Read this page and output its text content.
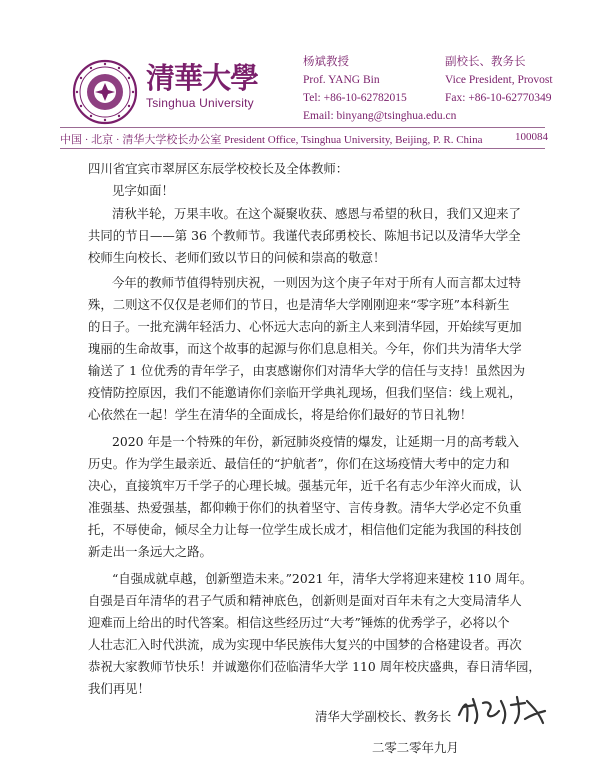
清華大學
Tsinghua University
杨斌教授
Prof. YANG Bin
Tel: +86-10-62782015
副校长、教务长
Vice President, Provost
Fax: +86-10-62770349
Email: binyang@tsinghua.edu.cn
中国 · 北京 · 清华大学校长办公室 President Office, Tsinghua University, Beijing, P. R. China	100084
四川省宜宾市翠屏区东辰学校校长及全体教师：
见字如面！
清秋半轮，万果丰收。在这个凝聚收获、感恩与希望的秋日，我们又迎来了
共同的节日——第 36 个教师节。我谨代表邱勇校长、陈旭书记以及清华大学全
校师生向校长、老师们致以节日的问候和崇高的敬意！
今年的教师节值得特别庆祝，一则因为这个庚子年对于所有人而言都太过特
殊，二则这不仅仅是老师们的节日，也是清华大学刚刚迎来“零字班”本科新生
的日子。一批充满年轻活力、心怀远大志向的新主人来到清华园，开始续写更加
瑰丽的生命故事，而这个故事的起源与你们息息相关。今年，你们共为清华大学
输送了 1 位优秀的青年学子，由衷感谢你们对清华大学的信任与支持！虽然因为
疫情防控原因，我们不能邀请你们亲临开学典礼现场，但我们坚信：线上观礼，
心依然在一起！学生在清华的全面成长，将是给你们最好的节日礼物！
2020 年是一个特殊的年份，新冠肺炎疫情的爆发，让延期一月的高考载入
历史。作为学生最亲近、最信任的“护航者”，你们在这场疫情大考中的定力和
决心，直接筑牢万千学子的心理长城。强基元年，近千名有志少年淬火而成，认
准强基、热爱强基，都仰赖于你们的执着坚守、言传身教。清华大学必定不负重
托，不辱使命，倾尽全力让每一位学生成长成才，相信他们定能为我国的科技创
新走出一条远大之路。
“自强成就卓越，创新塑造未来。”2021 年，清华大学将迎来建校 110 周年。
自强是百年清华的君子气质和精神底色，创新则是面对百年未有之大变局清华人
迎难而上给出的时代答案。相信这些经历过“大考”锤炼的优秀学子，必将以个
人壮志汇入时代洪流，成为实现中华民族伟大复兴的中国梦的合格建设者。再次
恭祝大家教师节快乐！并诚邀你们莅临清华大学 110 周年校庆盛典，春日清华园，
我们再见！
清华大学副校长、教务长
二零二零年九月
